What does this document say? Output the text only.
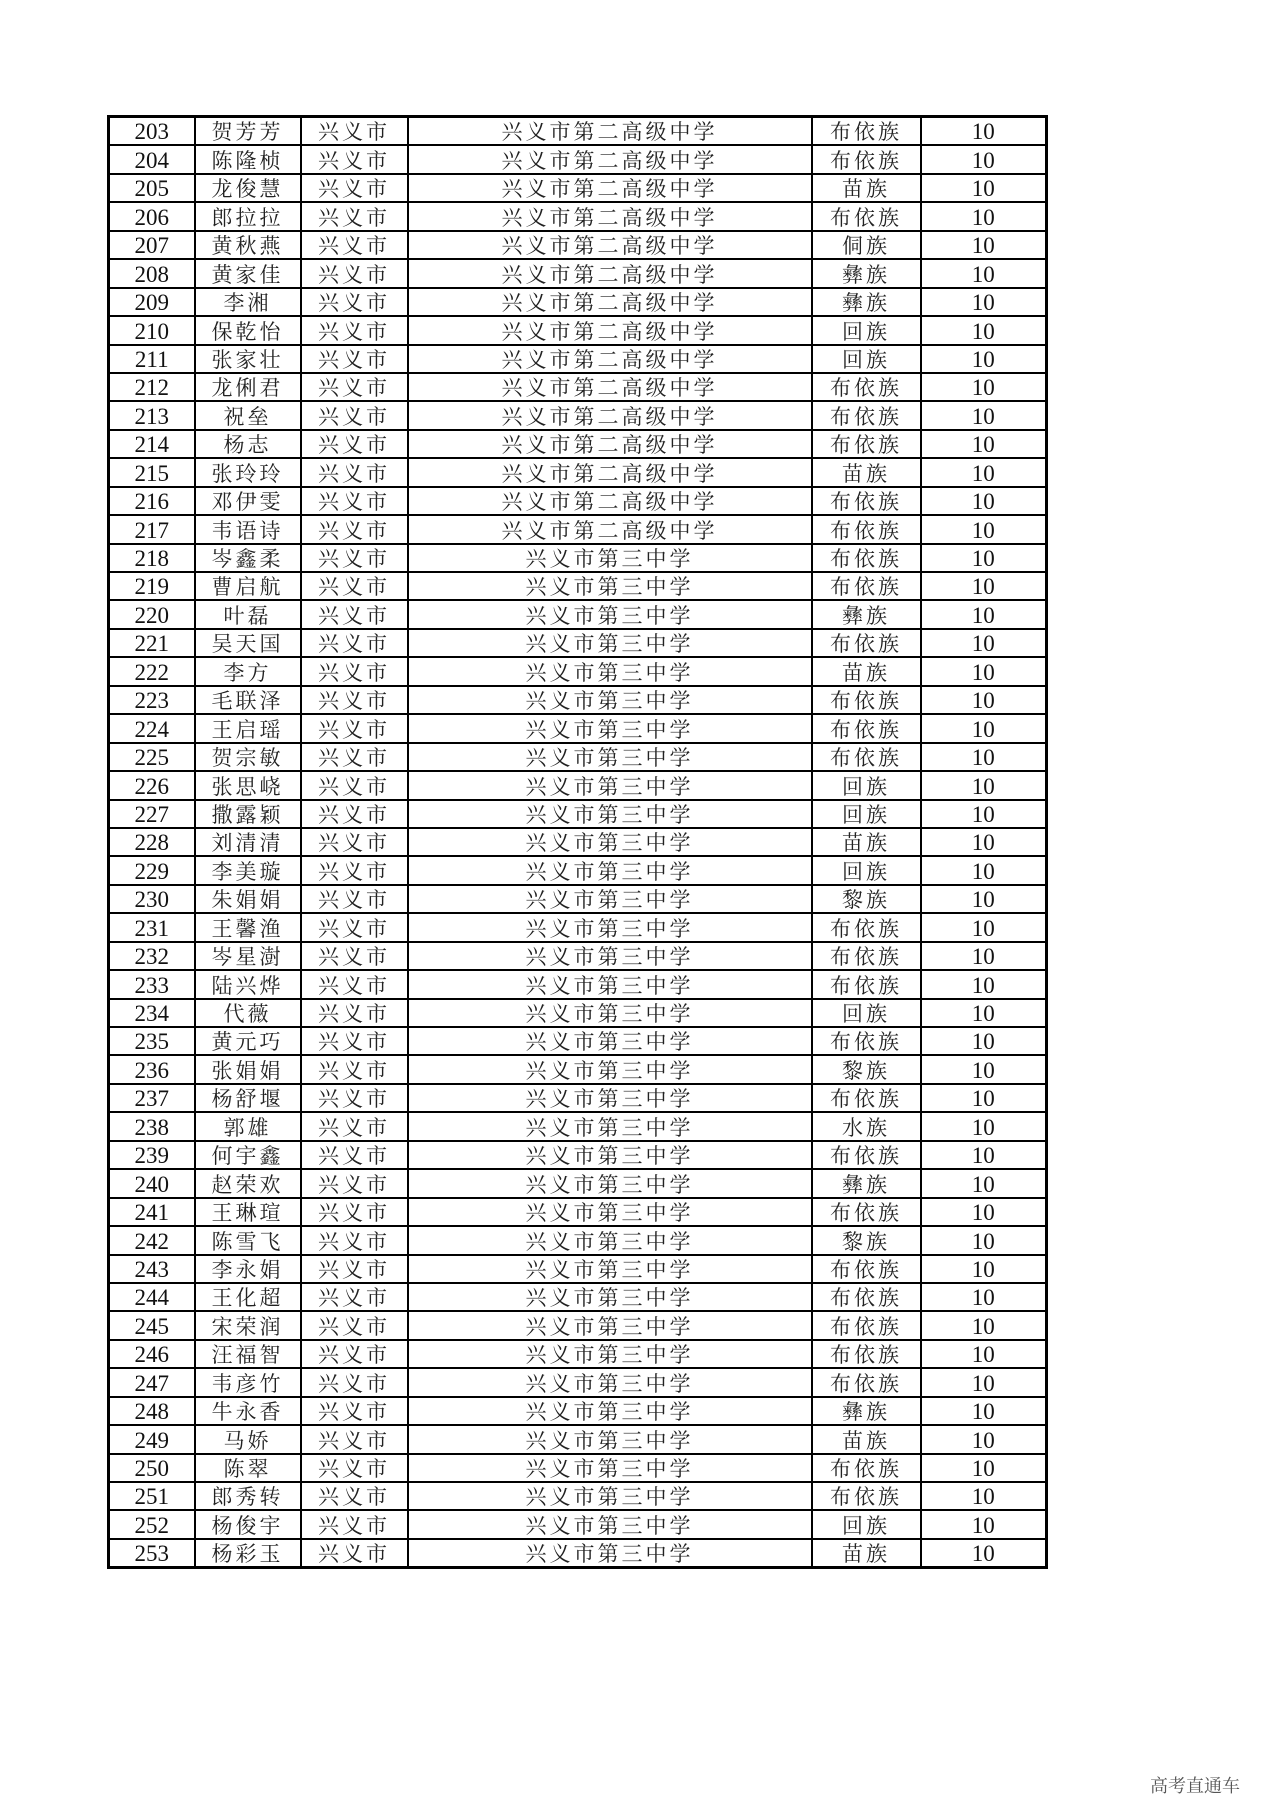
203	贺芳芳	兴义市	兴义市第二高级中学	布依族	10
204	陈隆桢	兴义市	兴义市第二高级中学	布依族	10
205	龙俊慧	兴义市	兴义市第二高级中学	苗族	10
206	郎拉拉	兴义市	兴义市第二高级中学	布依族	10
207	黄秋燕	兴义市	兴义市第二高级中学	侗族	10
208	黄家佳	兴义市	兴义市第二高级中学	彝族	10
209	李湘	兴义市	兴义市第二高级中学	彝族	10
210	保乾怡	兴义市	兴义市第二高级中学	回族	10
211	张家壮	兴义市	兴义市第二高级中学	回族	10
212	龙俐君	兴义市	兴义市第二高级中学	布依族	10
213	祝垒	兴义市	兴义市第二高级中学	布依族	10
214	杨志	兴义市	兴义市第二高级中学	布依族	10
215	张玲玲	兴义市	兴义市第二高级中学	苗族	10
216	邓伊雯	兴义市	兴义市第二高级中学	布依族	10
217	韦语诗	兴义市	兴义市第二高级中学	布依族	10
218	岑鑫柔	兴义市	兴义市第三中学	布依族	10
219	曹启航	兴义市	兴义市第三中学	布依族	10
220	叶磊	兴义市	兴义市第三中学	彝族	10
221	吴天国	兴义市	兴义市第三中学	布依族	10
222	李方	兴义市	兴义市第三中学	苗族	10
223	毛联泽	兴义市	兴义市第三中学	布依族	10
224	王启瑶	兴义市	兴义市第三中学	布依族	10
225	贺宗敏	兴义市	兴义市第三中学	布依族	10
226	张思峣	兴义市	兴义市第三中学	回族	10
227	撒露颖	兴义市	兴义市第三中学	回族	10
228	刘清清	兴义市	兴义市第三中学	苗族	10
229	李美璇	兴义市	兴义市第三中学	回族	10
230	朱娟娟	兴义市	兴义市第三中学	黎族	10
231	王馨渔	兴义市	兴义市第三中学	布依族	10
232	岑星澍	兴义市	兴义市第三中学	布依族	10
233	陆兴烨	兴义市	兴义市第三中学	布依族	10
234	代薇	兴义市	兴义市第三中学	回族	10
235	黄元巧	兴义市	兴义市第三中学	布依族	10
236	张娟娟	兴义市	兴义市第三中学	黎族	10
237	杨舒堰	兴义市	兴义市第三中学	布依族	10
238	郭雄	兴义市	兴义市第三中学	水族	10
239	何宇鑫	兴义市	兴义市第三中学	布依族	10
240	赵荣欢	兴义市	兴义市第三中学	彝族	10
241	王琳瑄	兴义市	兴义市第三中学	布依族	10
242	陈雪飞	兴义市	兴义市第三中学	黎族	10
243	李永娟	兴义市	兴义市第三中学	布依族	10
244	王化超	兴义市	兴义市第三中学	布依族	10
245	宋荣润	兴义市	兴义市第三中学	布依族	10
246	汪福智	兴义市	兴义市第三中学	布依族	10
247	韦彦竹	兴义市	兴义市第三中学	布依族	10
248	牛永香	兴义市	兴义市第三中学	彝族	10
249	马娇	兴义市	兴义市第三中学	苗族	10
250	陈翠	兴义市	兴义市第三中学	布依族	10
251	郎秀转	兴义市	兴义市第三中学	布依族	10
252	杨俊宇	兴义市	兴义市第三中学	回族	10
253	杨彩玉	兴义市	兴义市第三中学	苗族	10
高考直通车
